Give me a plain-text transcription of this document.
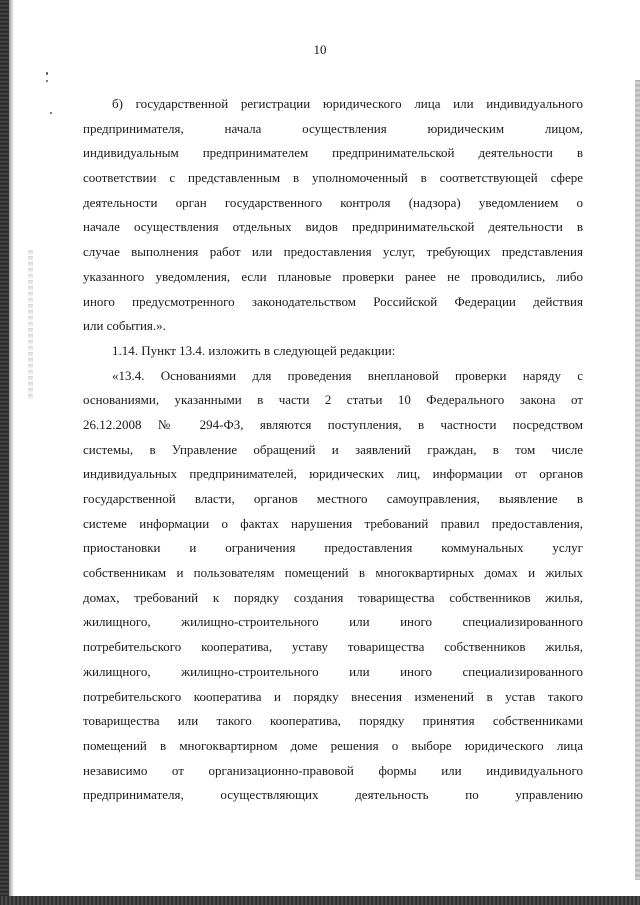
10
б) государственной регистрации юридического лица или индивидуального
предпринимателя, начала осуществления юридическим лицом,
индивидуальным предпринимателем предпринимательской деятельности в
соответствии с представленным в уполномоченный в соответствующей сфере
деятельности орган государственного контроля (надзора) уведомлением о
начале осуществления отдельных видов предпринимательской деятельности в
случае выполнения работ или предоставления услуг, требующих представления
указанного уведомления, если плановые проверки ранее не проводились, либо
иного предусмотренного законодательством Российской Федерации действия
или события.».
1.14. Пункт 13.4. изложить в следующей редакции:
«13.4. Основаниями для проведения внеплановой проверки наряду с
основаниями, указанными в части 2 статьи 10 Федерального закона от
26.12.2008 № 294-ФЗ, являются поступления, в частности посредством
системы, в Управление обращений и заявлений граждан, в том числе
индивидуальных предпринимателей, юридических лиц, информации от органов
государственной власти, органов местного самоуправления, выявление в
системе информации о фактах нарушения требований правил предоставления,
приостановки и ограничения предоставления коммунальных услуг
собственникам и пользователям помещений в многоквартирных домах и жилых
домах, требований к порядку создания товарищества собственников жилья,
жилищного, жилищно-строительного или иного специализированного
потребительского кооператива, уставу товарищества собственников жилья,
жилищного, жилищно-строительного или иного специализированного
потребительского кооператива и порядку внесения изменений в устав такого
товарищества или такого кооператива, порядку принятия собственниками
помещений в многоквартирном доме решения о выборе юридического лица
независимо от организационно-правовой формы или индивидуального
предпринимателя, осуществляющих деятельность по управлению
